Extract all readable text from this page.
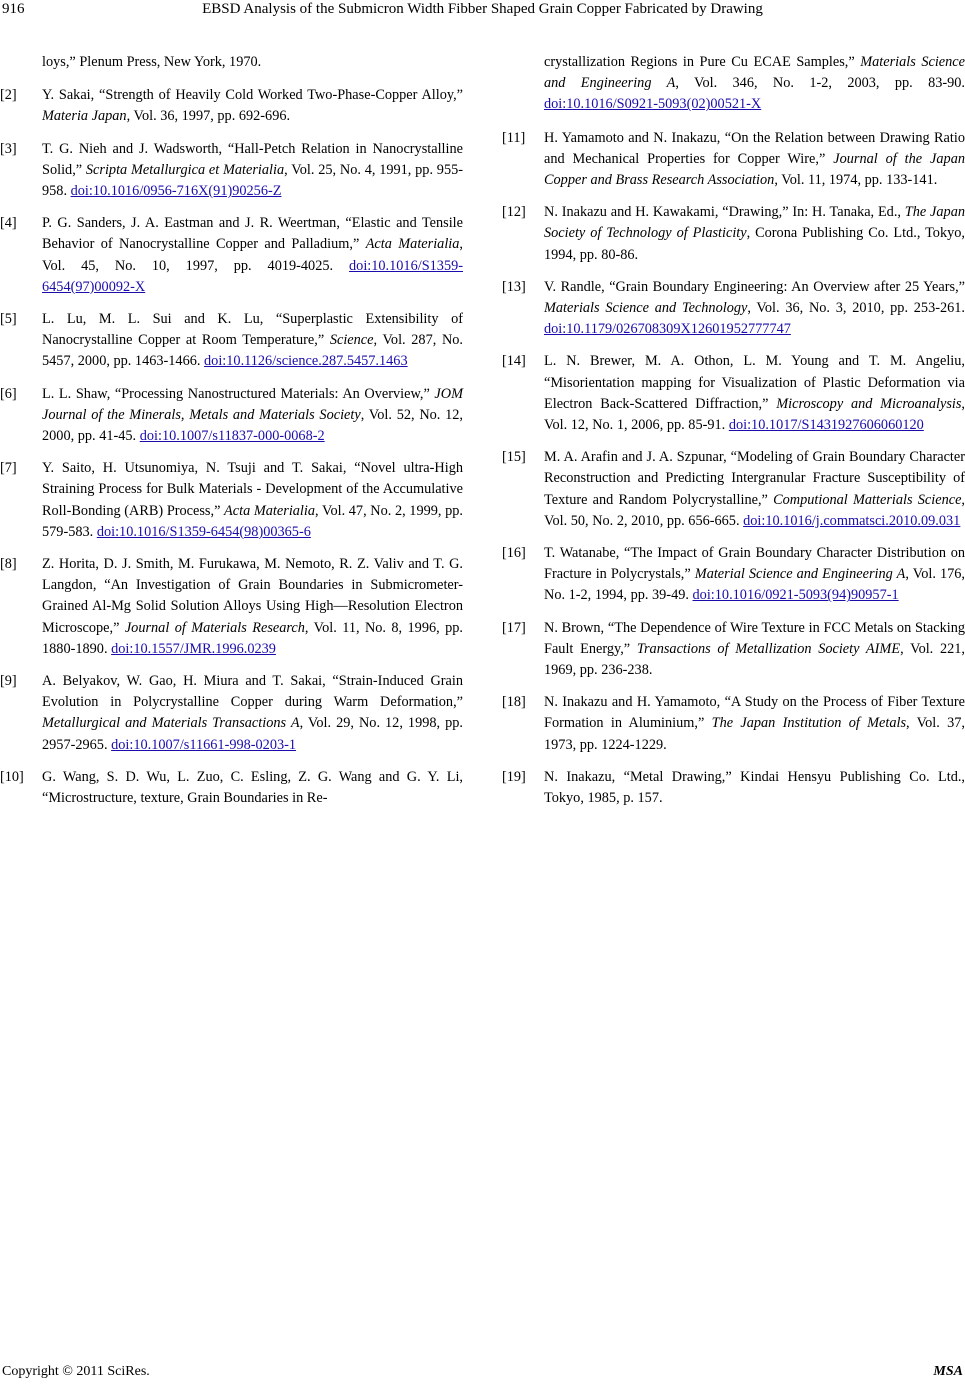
916	EBSD Analysis of the Submicron Width Fibber Shaped Grain Copper Fabricated by Drawing
loys,” Plenum Press, New York, 1970.
[2]	Y. Sakai, “Strength of Heavily Cold Worked Two-Phase-Copper Alloy,” Materia Japan, Vol. 36, 1997, pp. 692-696.
[3]	T. G. Nieh and J. Wadsworth, “Hall-Petch Relation in Nanocrystalline Solid,” Scripta Metallurgica et Materialia, Vol. 25, No. 4, 1991, pp. 955-958. doi:10.1016/0956-716X(91)90256-Z
[4]	P. G. Sanders, J. A. Eastman and J. R. Weertman, “Elastic and Tensile Behavior of Nanocrystalline Copper and Palladium,” Acta Materialia, Vol. 45, No. 10, 1997, pp. 4019-4025. doi:10.1016/S1359-6454(97)00092-X
[5]	L. Lu, M. L. Sui and K. Lu, “Superplastic Extensibility of Nanocrystalline Copper at Room Temperature,” Science, Vol. 287, No. 5457, 2000, pp. 1463-1466. doi:10.1126/science.287.5457.1463
[6]	L. L. Shaw, “Processing Nanostructured Materials: An Overview,” JOM Journal of the Minerals, Metals and Materials Society, Vol. 52, No. 12, 2000, pp. 41-45. doi:10.1007/s11837-000-0068-2
[7]	Y. Saito, H. Utsunomiya, N. Tsuji and T. Sakai, “Novel ultra-High Straining Process for Bulk Materials - Development of the Accumulative Roll-Bonding (ARB) Process,” Acta Materialia, Vol. 47, No. 2, 1999, pp. 579-583. doi:10.1016/S1359-6454(98)00365-6
[8]	Z. Horita, D. J. Smith, M. Furukawa, M. Nemoto, R. Z. Valiv and T. G. Langdon, “An Investigation of Grain Boundaries in Submicrometer-Grained Al-Mg Solid Solution Alloys Using High—Resolution Electron Microscope,” Journal of Materials Research, Vol. 11, No. 8, 1996, pp. 1880-1890. doi:10.1557/JMR.1996.0239
[9]	A. Belyakov, W. Gao, H. Miura and T. Sakai, “Strain-Induced Grain Evolution in Polycrystalline Copper during Warm Deformation,” Metallurgical and Materials Transactions A, Vol. 29, No. 12, 1998, pp. 2957-2965. doi:10.1007/s11661-998-0203-1
[10]	G. Wang, S. D. Wu, L. Zuo, C. Esling, Z. G. Wang and G. Y. Li, “Microstructure, texture, Grain Boundaries in Re-
crystallization Regions in Pure Cu ECAE Samples,” Materials Science and Engineering A, Vol. 346, No. 1-2, 2003, pp. 83-90. doi:10.1016/S0921-5093(02)00521-X
[11]	H. Yamamoto and N. Inakazu, “On the Relation between Drawing Ratio and Mechanical Properties for Copper Wire,” Journal of the Japan Copper and Brass Research Association, Vol. 11, 1974, pp. 133-141.
[12]	N. Inakazu and H. Kawakami, “Drawing,” In: H. Tanaka, Ed., The Japan Society of Technology of Plasticity, Corona Publishing Co. Ltd., Tokyo, 1994, pp. 80-86.
[13]	V. Randle, “Grain Boundary Engineering: An Overview after 25 Years,” Materials Science and Technology, Vol. 36, No. 3, 2010, pp. 253-261. doi:10.1179/026708309X12601952777747
[14]	L. N. Brewer, M. A. Othon, L. M. Young and T. M. Angeliu, “Misorientation mapping for Visualization of Plastic Deformation via Electron Back-Scattered Diffraction,” Microscopy and Microanalysis, Vol. 12, No. 1, 2006, pp. 85-91. doi:10.1017/S1431927606060120
[15]	M. A. Arafin and J. A. Szpunar, “Modeling of Grain Boundary Character Reconstruction and Predicting Intergranular Fracture Susceptibility of Texture and Random Polycrystalline,” Computional Matterials Science, Vol. 50, No. 2, 2010, pp. 656-665. doi:10.1016/j.commatsci.2010.09.031
[16]	T. Watanabe, “The Impact of Grain Boundary Character Distribution on Fracture in Polycrystals,” Material Science and Engineering A, Vol. 176, No. 1-2, 1994, pp. 39-49. doi:10.1016/0921-5093(94)90957-1
[17]	N. Brown, “The Dependence of Wire Texture in FCC Metals on Stacking Fault Energy,” Transactions of Metallization Society AIME, Vol. 221, 1969, pp. 236-238.
[18]	N. Inakazu and H. Yamamoto, “A Study on the Process of Fiber Texture Formation in Aluminium,” The Japan Institution of Metals, Vol. 37, 1973, pp. 1224-1229.
[19]	N. Inakazu, “Metal Drawing,” Kindai Hensyu Publishing Co. Ltd., Tokyo, 1985, p. 157.
Copyright © 2011 SciRes.	MSA
